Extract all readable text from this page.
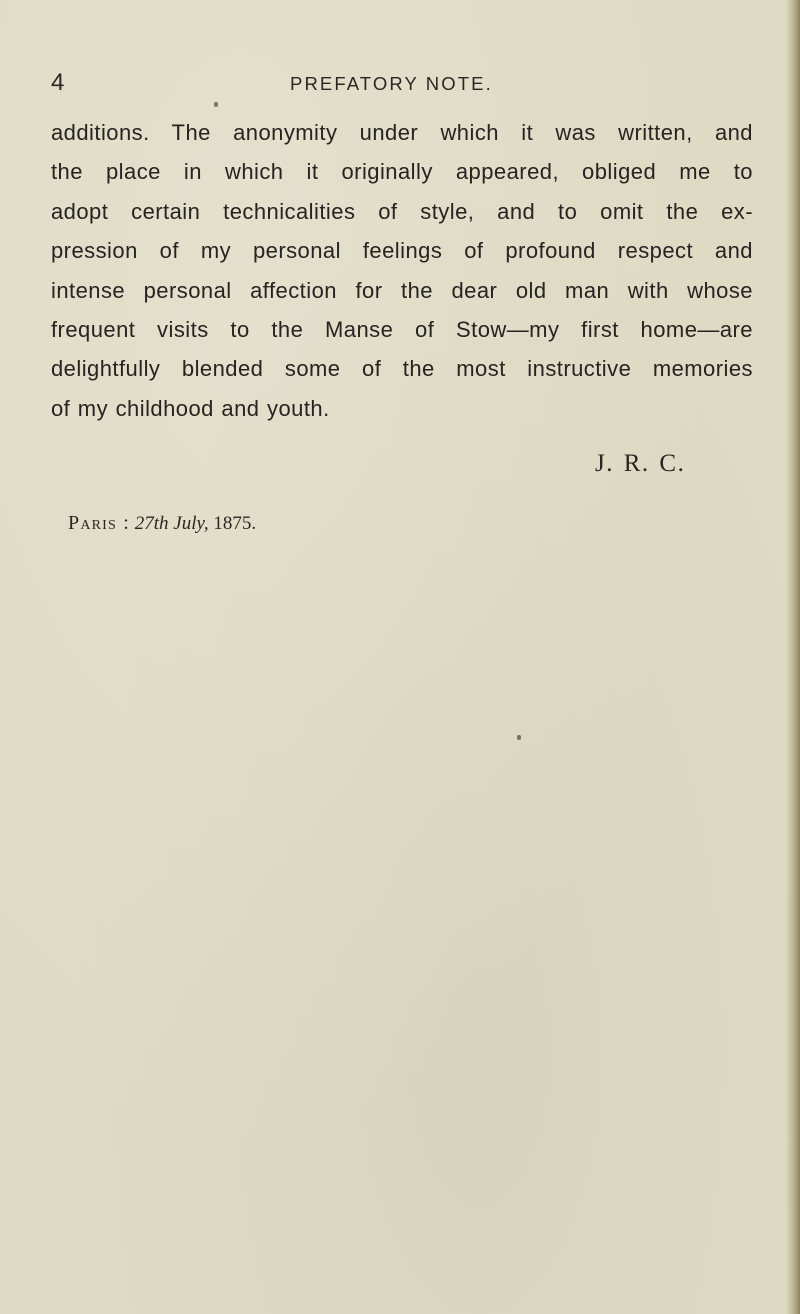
4	PREFATORY NOTE.

additions. The anonymity under which it was written, and
the place in which it originally appeared, obliged me to
adopt certain technicalities of style, and to omit the ex-
pression of my personal feelings of profound respect and
intense personal affection for the dear old man with whose
frequent visits to the Manse of Stow—my first home—are
delightfully blended some of the most instructive memories
of my childhood and youth.

J. R. C.
Paris : 27th July, 1875.
